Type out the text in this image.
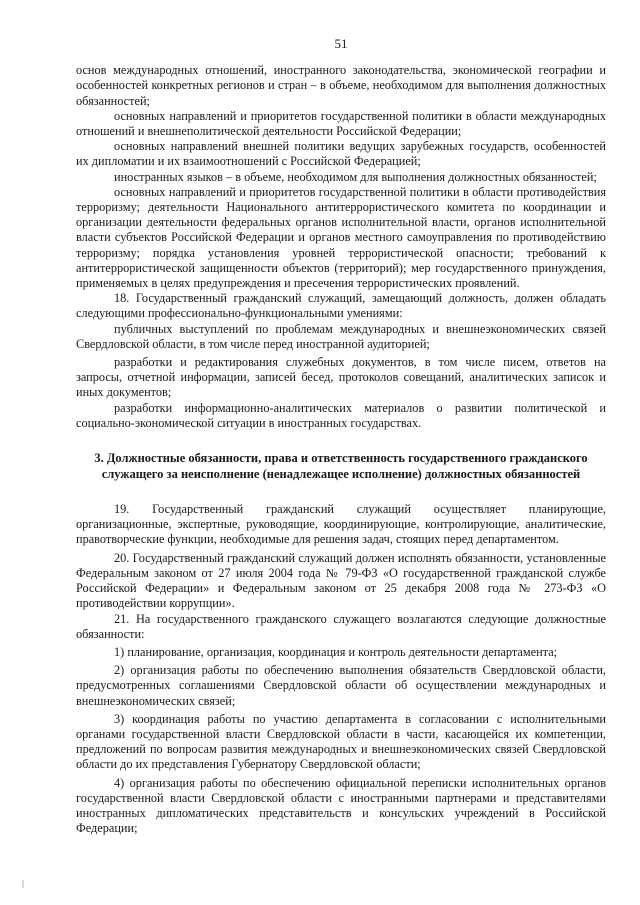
51

основ международных отношений, иностранного законодательства, экономической географии и особенностей конкретных регионов и стран – в объеме, необходимом для выполнения должностных обязанностей;

основных направлений и приоритетов государственной политики в области международных отношений и внешнеполитической деятельности Российской Федерации;

основных направлений внешней политики ведущих зарубежных государств, особенностей их дипломатии и их взаимоотношений с Российской Федерацией;

иностранных языков – в объеме, необходимом для выполнения должностных обязанностей;

основных направлений и приоритетов государственной политики в области противодействия терроризму; деятельности Национального антитеррористического комитета по координации и организации деятельности федеральных органов исполнительной власти, органов исполнительной власти субъектов Российской Федерации и органов местного самоуправления по противодействию терроризму; порядка установления уровней террористической опасности; требований к антитеррористической защищенности объектов (территорий); мер государственного принуждения, применяемых в целях предупреждения и пресечения террористических проявлений.

18. Государственный гражданский служащий, замещающий должность, должен обладать следующими профессионально-функциональными умениями:

публичных выступлений по проблемам международных и внешнеэкономических связей Свердловской области, в том числе перед иностранной аудиторией;

разработки и редактирования служебных документов, в том числе писем, ответов на запросы, отчетной информации, записей бесед, протоколов совещаний, аналитических записок и иных документов;

разработки информационно-аналитических материалов о развитии политической и социально-экономической ситуации в иностранных государствах.

3. Должностные обязанности, права и ответственность государственного гражданского служащего за неисполнение (ненадлежащее исполнение) должностных обязанностей

19. Государственный гражданский служащий осуществляет планирующие, организационные, экспертные, руководящие, координирующие, контролирующие, аналитические, правотворческие функции, необходимые для решения задач, стоящих перед департаментом.

20. Государственный гражданский служащий должен исполнять обязанности, установленные Федеральным законом от 27 июля 2004 года № 79-ФЗ «О государственной гражданской службе Российской Федерации» и Федеральным законом от 25 декабря 2008 года № 273-ФЗ «О противодействии коррупции».

21. На государственного гражданского служащего возлагаются следующие должностные обязанности:

1) планирование, организация, координация и контроль деятельности департамента;

2) организация работы по обеспечению выполнения обязательств Свердловской области, предусмотренных соглашениями Свердловской области об осуществлении международных и внешнеэкономических связей;

3) координация работы по участию департамента в согласовании с исполнительными органами государственной власти Свердловской области в части, касающейся их компетенции, предложений по вопросам развития международных и внешнеэкономических связей Свердловской области до их представления Губернатору Свердловской области;

4) организация работы по обеспечению официальной переписки исполнительных органов государственной власти Свердловской области с иностранными партнерами и представителями иностранных дипломатических представительств и консульских учреждений в Российской Федерации;
